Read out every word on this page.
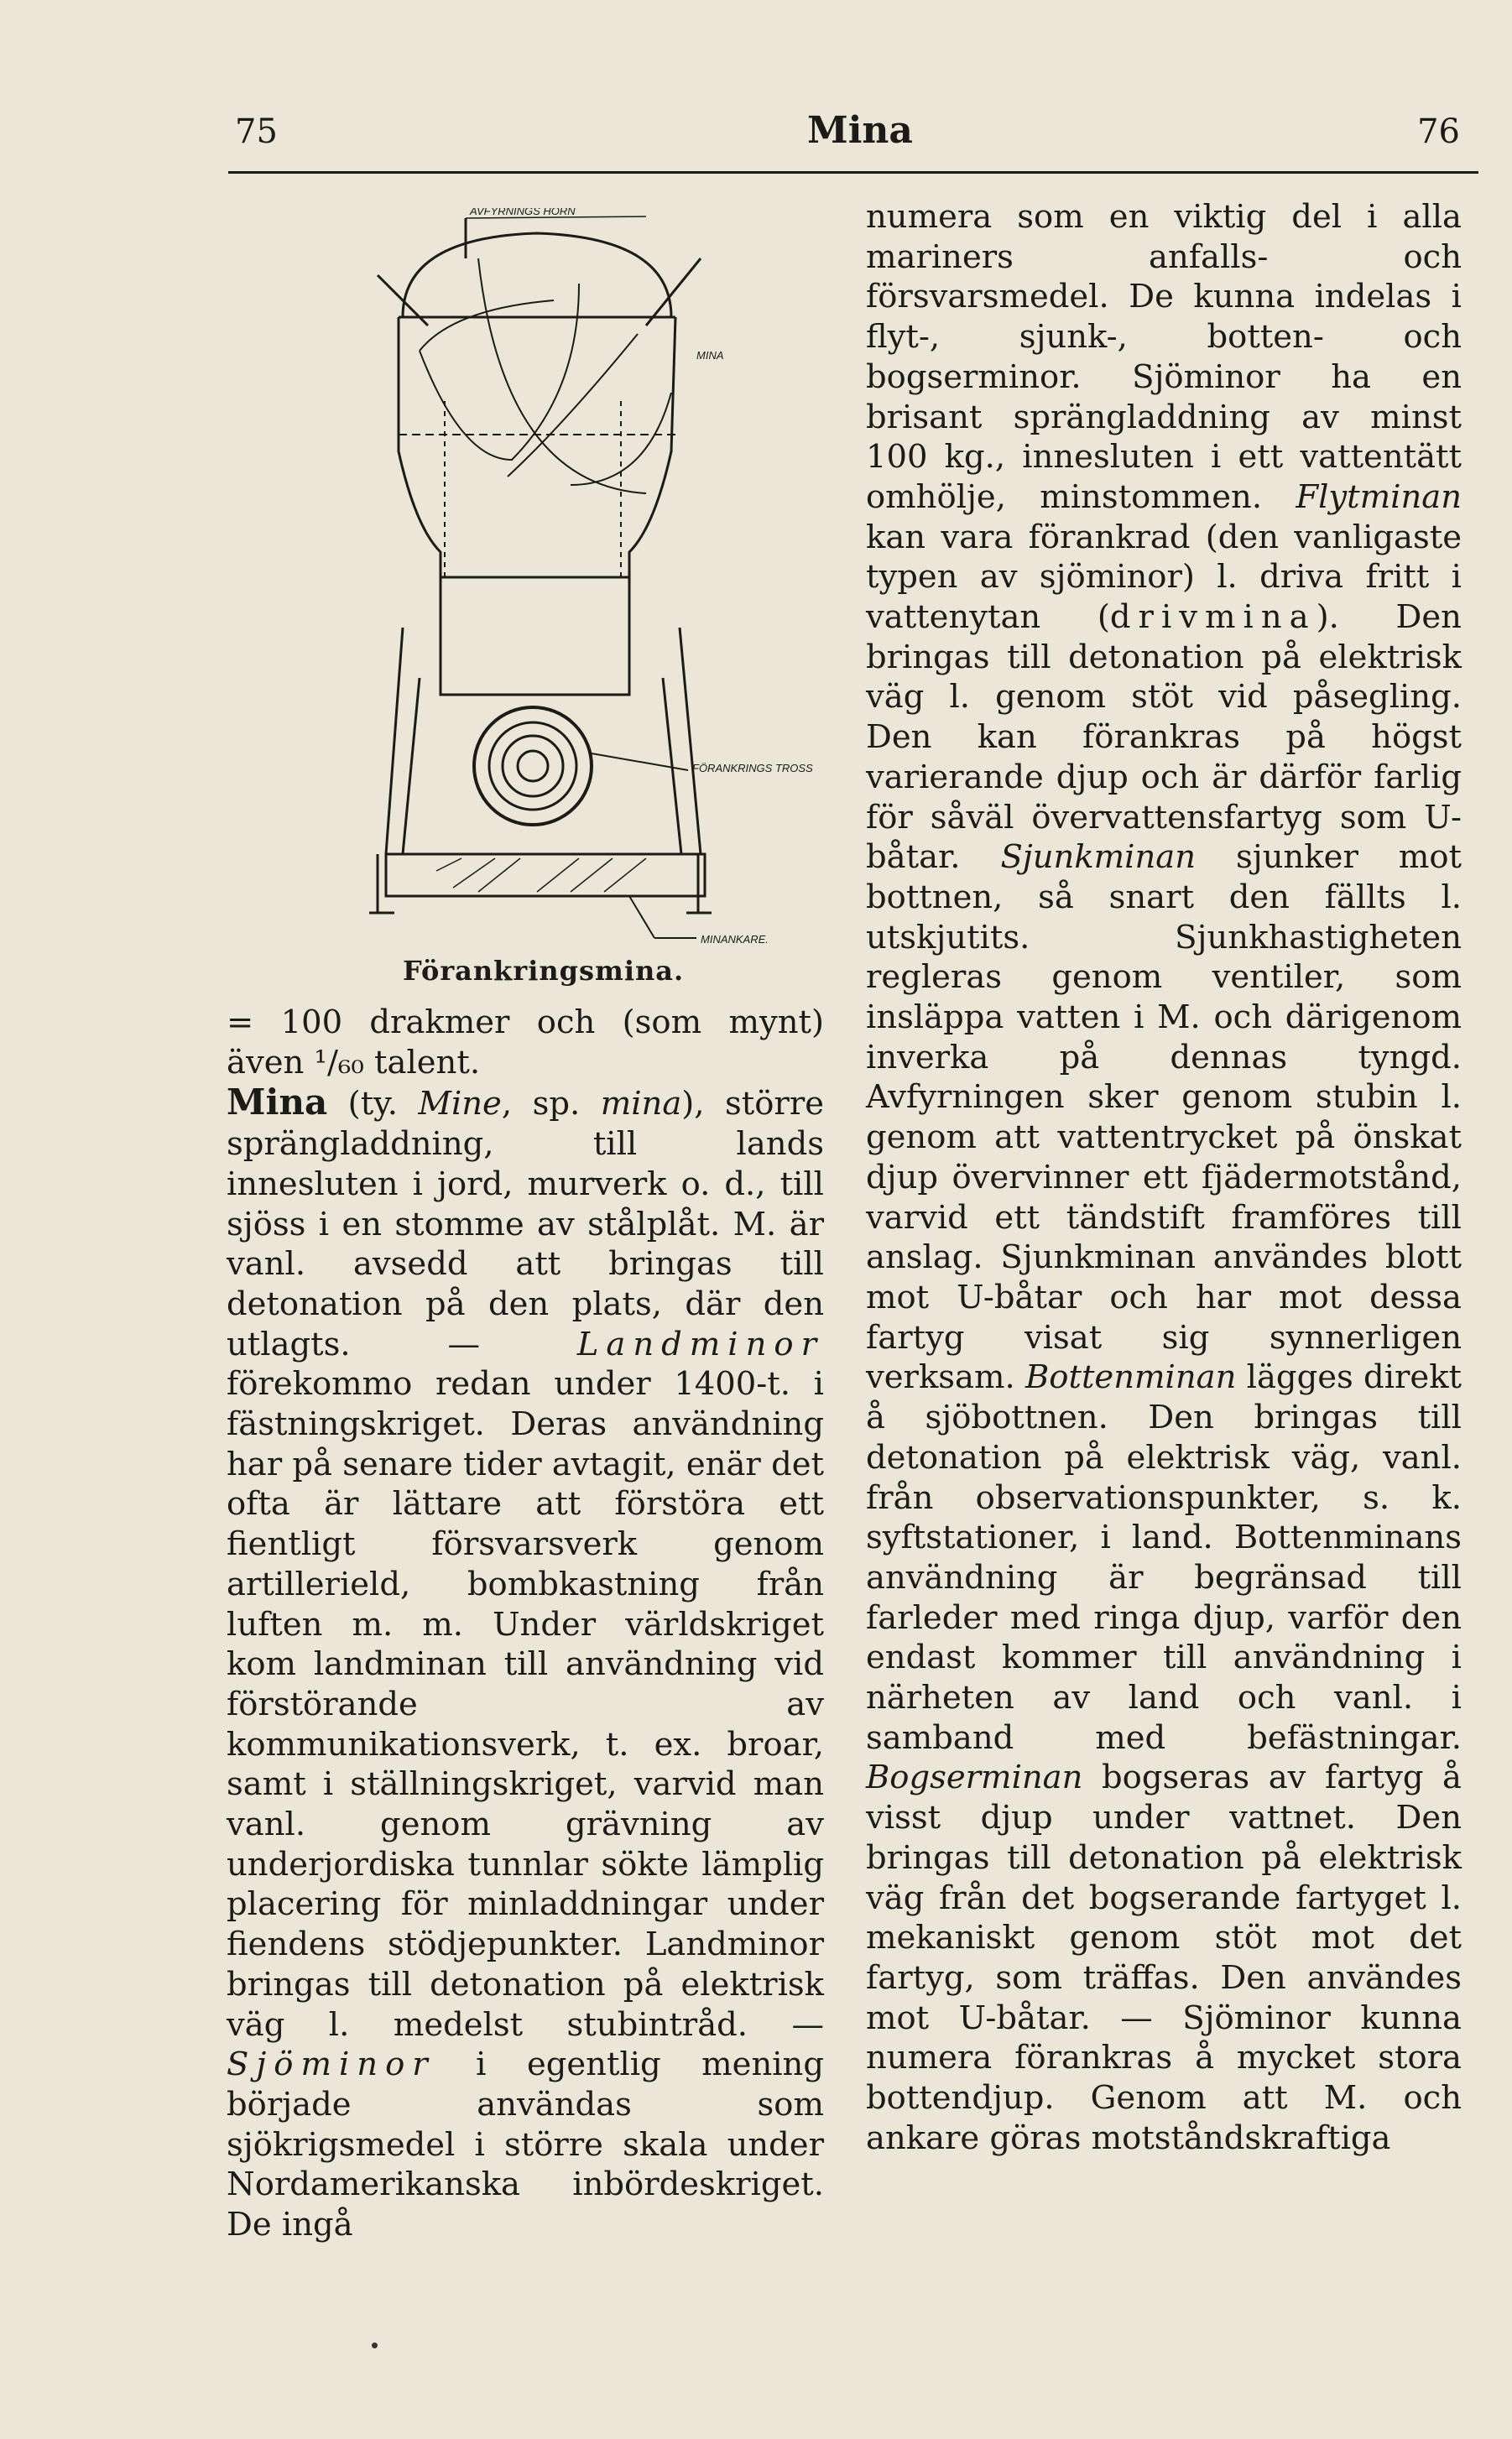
75	Mina	76
AVFYRNINGS HORN
MINA
FÖRANKRINGS TROSS
MINANKARE.
Förankringsmina.

= 100 drakmer och (som mynt) även ¹/₆₀ talent.

Mina (ty. Mine, sp. mina), större sprängladdning, till lands innesluten i jord, murverk o. d., till sjöss i en stomme av stålplåt. M. är vanl. avsedd att bringas till detonation på den plats, där den utlagts. — Landminor förekommo redan under 1400-t. i fästningskriget. Deras användning har på senare tider avtagit, enär det ofta är lättare att förstöra ett fientligt försvarsverk genom artillerield, bombkastning från luften m. m. Under världskriget kom landminan till användning vid förstörande av kommunikationsverk, t. ex. broar, samt i ställningskriget, varvid man vanl. genom grävning av underjordiska tunnlar sökte lämplig placering för minladdningar under fiendens stödjepunkter. Landminor bringas till detonation på elektrisk väg l. medelst stubintråd. — Sjöminor i egentlig mening började användas som sjökrigsmedel i större skala under Nordamerikanska inbördeskriget. De ingå

numera som en viktig del i alla mariners anfalls- och försvarsmedel. De kunna indelas i flyt-, sjunk-, botten- och bogserminor. Sjöminor ha en brisant sprängladdning av minst 100 kg., innesluten i ett vattentätt omhölje, minstommen. Flytminan kan vara förankrad (den vanligaste typen av sjöminor) l. driva fritt i vattenytan (drivmina). Den bringas till detonation på elektrisk väg l. genom stöt vid påsegling. Den kan förankras på högst varierande djup och är därför farlig för såväl övervattensfartyg som U-båtar. Sjunkminan sjunker mot bottnen, så snart den fällts l. utskjutits. Sjunkhastigheten regleras genom ventiler, som insläppa vatten i M. och därigenom inverka på dennas tyngd. Avfyrningen sker genom stubin l. genom att vattentrycket på önskat djup övervinner ett fjädermotstånd, varvid ett tändstift framföres till anslag. Sjunkminan användes blott mot U-båtar och har mot dessa fartyg visat sig synnerligen verksam. Bottenminan lägges direkt å sjöbottnen. Den bringas till detonation på elektrisk väg, vanl. från observationspunkter, s. k. syftstationer, i land. Bottenminans användning är begränsad till farleder med ringa djup, varför den endast kommer till användning i närheten av land och vanl. i samband med befästningar. Bogserminan bogseras av fartyg å visst djup under vattnet. Den bringas till detonation på elektrisk väg från det bogserande fartyget l. mekaniskt genom stöt mot det fartyg, som träffas. Den användes mot U-båtar. — Sjöminor kunna numera förankras å mycket stora bottendjup. Genom att M. och ankare göras motståndskraftiga
